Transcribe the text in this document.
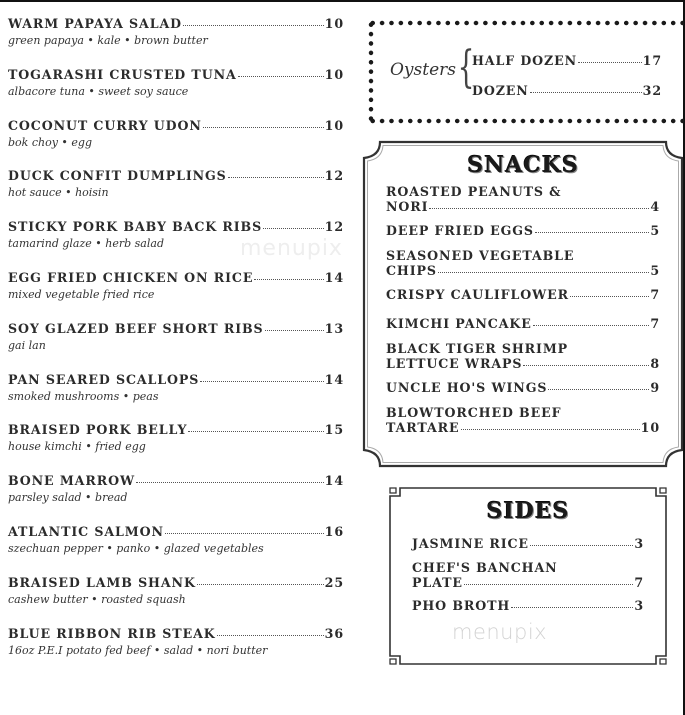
menupix
WARM PAPAYA SALAD	10
green papaya • kale • brown butter
TOGARASHI CRUSTED TUNA	10
albacore tuna • sweet soy sauce
COCONUT CURRY UDON	10
bok choy • egg
DUCK CONFIT DUMPLINGS	12
hot sauce • hoisin
STICKY PORK BABY BACK RIBS	12
tamarind glaze • herb salad
EGG FRIED CHICKEN ON RICE	14
mixed vegetable fried rice
SOY GLAZED BEEF SHORT RIBS	13
gai lan
PAN SEARED SCALLOPS	14
smoked mushrooms • peas
BRAISED PORK BELLY	15
house kimchi • fried egg
BONE MARROW	14
parsley salad • bread
ATLANTIC SALMON	16
szechuan pepper • panko • glazed vegetables
BRAISED LAMB SHANK	25
cashew butter • roasted squash
BLUE RIBBON RIB STEAK	36
16oz P.E.I potato fed beef • salad • nori butter
Oysters {
HALF DOZEN	17
DOZEN	32
SNACKS
ROASTED PEANUTS &
NORI	4
DEEP FRIED EGGS	5
SEASONED VEGETABLE
CHIPS	5
CRISPY CAULIFLOWER	7
KIMCHI PANCAKE	7
BLACK TIGER SHRIMP
LETTUCE WRAPS	8
UNCLE HO'S WINGS	9
BLOWTORCHED BEEF
TARTARE	10
SIDES
JASMINE RICE	3
CHEF'S BANCHAN
PLATE	7
PHO BROTH	3
menupix
